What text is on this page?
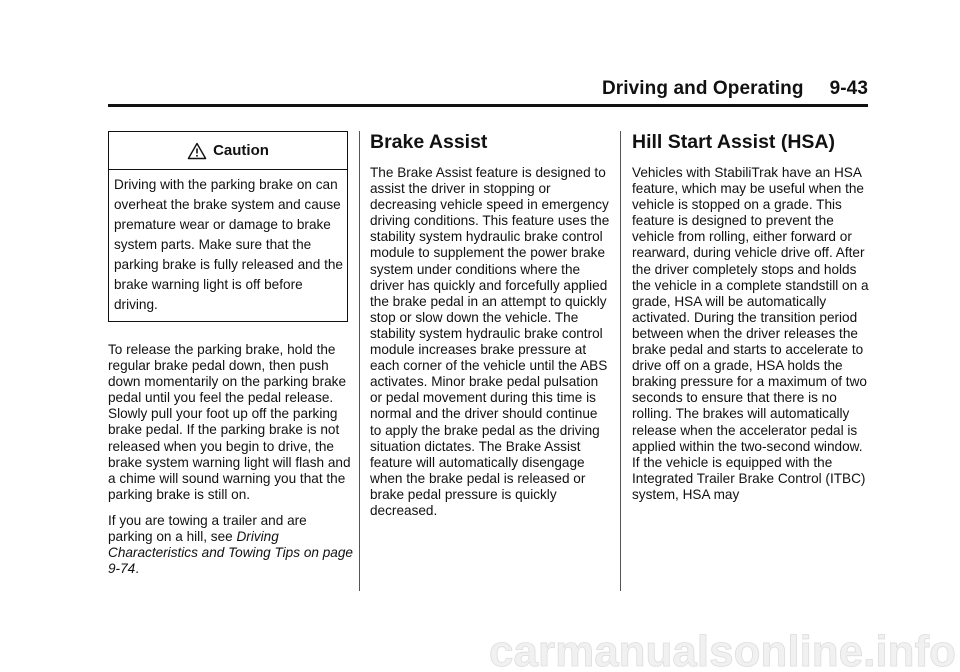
Driving and Operating 9-43
Caution
Driving with the parking brake on can overheat the brake system and cause premature wear or damage to brake system parts. Make sure that the parking brake is fully released and the brake warning light is off before driving.

To release the parking brake, hold the regular brake pedal down, then push down momentarily on the parking brake pedal until you feel the pedal release. Slowly pull your foot up off the parking brake pedal. If the parking brake is not released when you begin to drive, the brake system warning light will flash and a chime will sound warning you that the parking brake is still on.

If you are towing a trailer and are parking on a hill, see Driving Characteristics and Towing Tips on page 9-74.

Brake Assist

The Brake Assist feature is designed to assist the driver in stopping or decreasing vehicle speed in emergency driving conditions. This feature uses the stability system hydraulic brake control module to supplement the power brake system under conditions where the driver has quickly and forcefully applied the brake pedal in an attempt to quickly stop or slow down the vehicle. The stability system hydraulic brake control module increases brake pressure at each corner of the vehicle until the ABS activates. Minor brake pedal pulsation or pedal movement during this time is normal and the driver should continue to apply the brake pedal as the driving situation dictates. The Brake Assist feature will automatically disengage when the brake pedal is released or brake pedal pressure is quickly decreased.

Hill Start Assist (HSA)

Vehicles with StabiliTrak have an HSA feature, which may be useful when the vehicle is stopped on a grade. This feature is designed to prevent the vehicle from rolling, either forward or rearward, during vehicle drive off. After the driver completely stops and holds the vehicle in a complete standstill on a grade, HSA will be automatically activated. During the transition period between when the driver releases the brake pedal and starts to accelerate to drive off on a grade, HSA holds the braking pressure for a maximum of two seconds to ensure that there is no rolling. The brakes will automatically release when the accelerator pedal is applied within the two-second window. If the vehicle is equipped with the Integrated Trailer Brake Control (ITBC) system, HSA may

carmanualsonline.info
